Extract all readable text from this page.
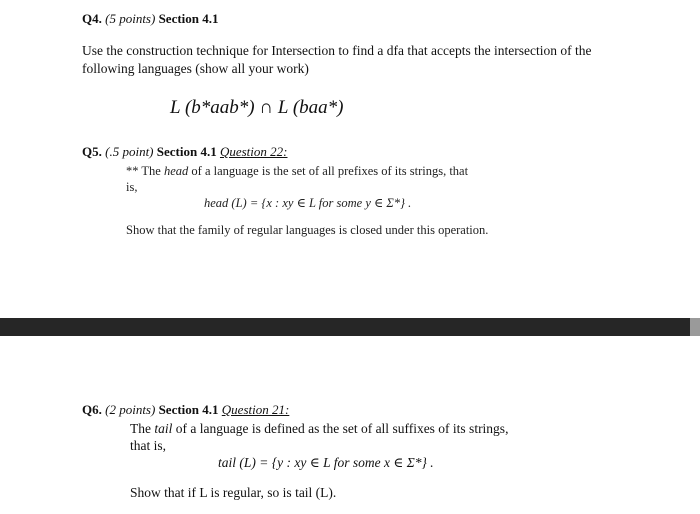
Q4. (5 points) Section 4.1
Use the construction technique for Intersection to find a dfa that accepts the intersection of the
following languages (show all your work)
L (b*aab*) ∩ L (baa*)
Q5. (.5 point) Section 4.1 Question 22:
** The head of a language is the set of all prefixes of its strings, that
is,
head (L) = {x : xy ∈ L for some y ∈ Σ*} .
Show that the family of regular languages is closed under this operation.
Q6. (2 points) Section 4.1 Question 21:
The tail of a language is defined as the set of all suffixes of its strings,
that is,
tail (L) = {y : xy ∈ L for some x ∈ Σ*} .
Show that if L is regular, so is tail (L).
